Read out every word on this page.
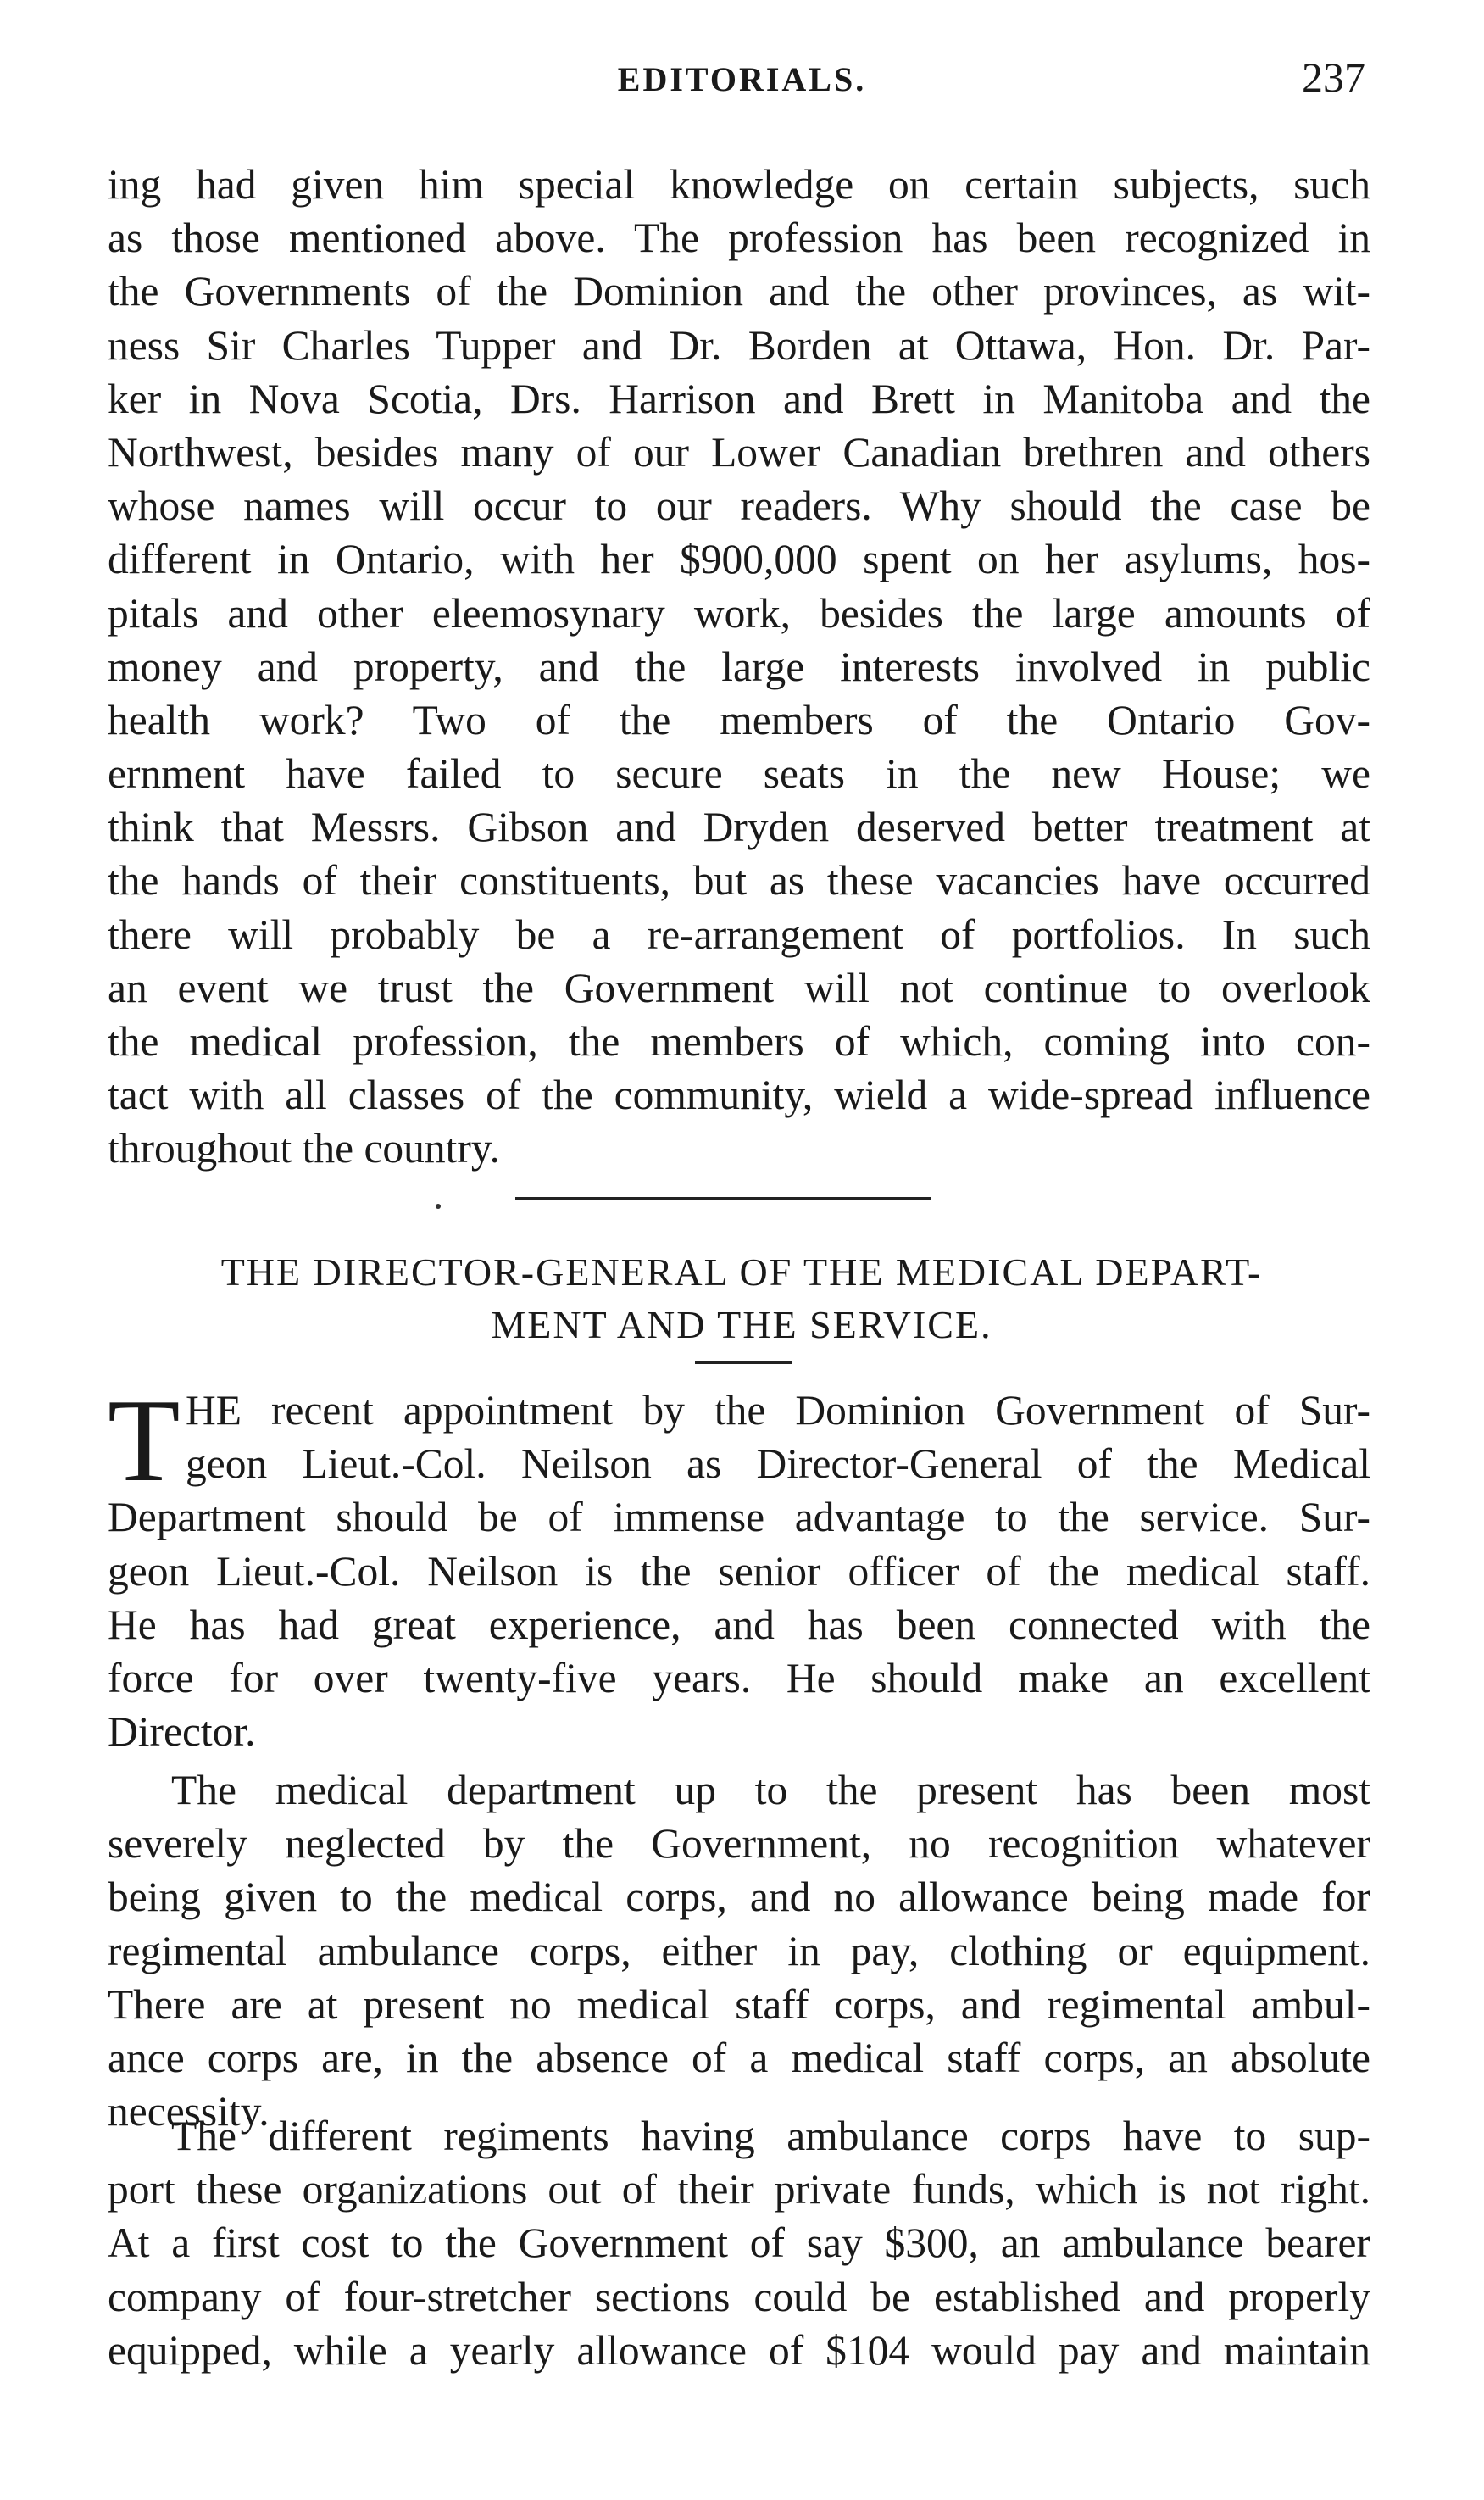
EDITORIALS.	237
ing had given him special knowledge on certain subjects, such
as those mentioned above. The profession has been recognized in
the Governments of the Dominion and the other provinces, as wit-
ness Sir Charles Tupper and Dr. Borden at Ottawa, Hon. Dr. Par-
ker in Nova Scotia, Drs. Harrison and Brett in Manitoba and the
Northwest, besides many of our Lower Canadian brethren and others
whose names will occur to our readers. Why should the case be
different in Ontario, with her $900,000 spent on her asylums, hos-
pitals and other eleemosynary work, besides the large amounts of
money and property, and the large interests involved in public
health work? Two of the members of the Ontario Gov-
ernment have failed to secure seats in the new House; we
think that Messrs. Gibson and Dryden deserved better treatment at
the hands of their constituents, but as these vacancies have occurred
there will probably be a re-arrangement of portfolios. In such
an event we trust the Government will not continue to overlook
the medical profession, the members of which, coming into con-
tact with all classes of the community, wield a wide-spread influence
throughout the country.
THE DIRECTOR-GENERAL OF THE MEDICAL DEPART-
MENT AND THE SERVICE.
T HE recent appointment by the Dominion Government of Sur-
geon Lieut.-Col. Neilson as Director-General of the Medical
Department should be of immense advantage to the service. Sur-
geon Lieut.-Col. Neilson is the senior officer of the medical staff.
He has had great experience, and has been connected with the
force for over twenty-five years. He should make an excellent
Director.
The medical department up to the present has been most
severely neglected by the Government, no recognition whatever
being given to the medical corps, and no allowance being made for
regimental ambulance corps, either in pay, clothing or equipment.
There are at present no medical staff corps, and regimental ambul-
ance corps are, in the absence of a medical staff corps, an absolute
necessity.
The different regiments having ambulance corps have to sup-
port these organizations out of their private funds, which is not right.
At a first cost to the Government of say $300, an ambulance bearer
company of four-stretcher sections could be established and properly
equipped, while a yearly allowance of $104 would pay and maintain
